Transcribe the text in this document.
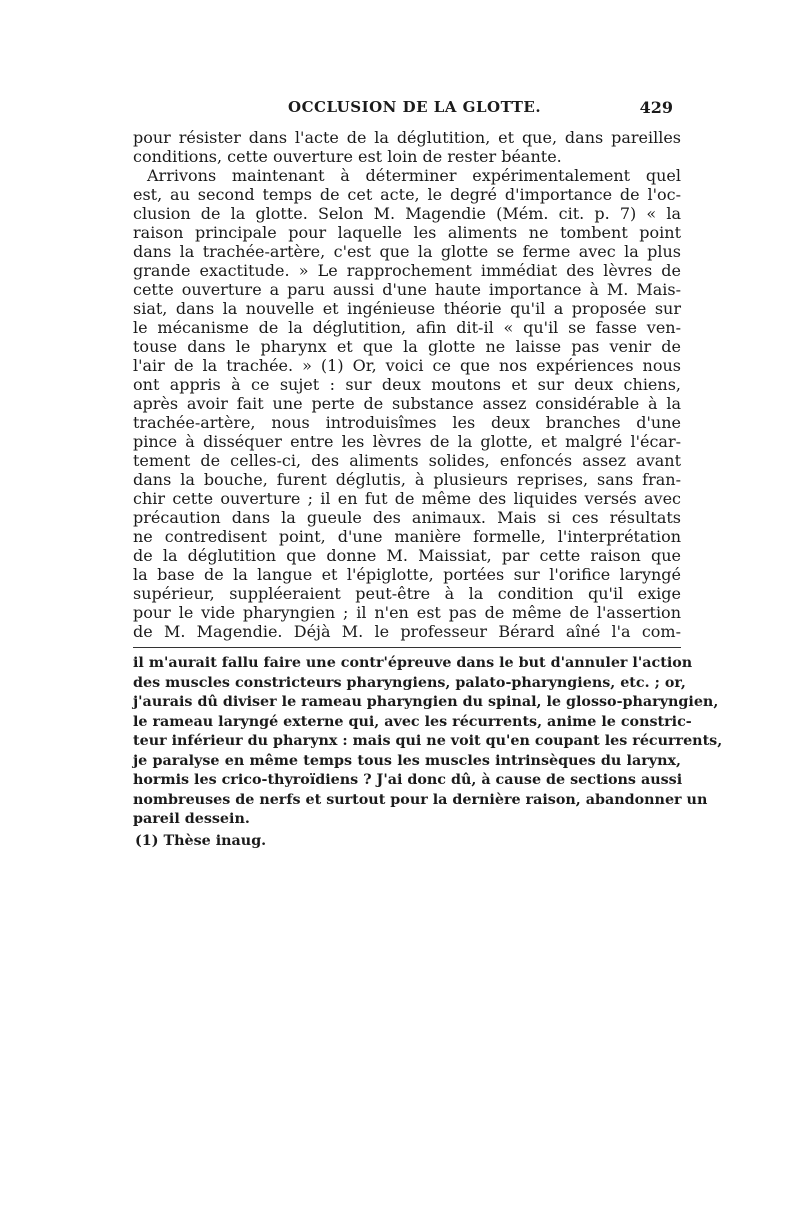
OCCLUSION DE LA GLOTTE.	429
pour résister dans l'acte de la déglutition, et que, dans pareilles
conditions, cette ouverture est loin de rester béante.
Arrivons maintenant à déterminer expérimentalement quel
est, au second temps de cet acte, le degré d'importance de l'oc-
clusion de la glotte. Selon M. Magendie (Mém. cit. p. 7) « la
raison principale pour laquelle les aliments ne tombent point
dans la trachée-artère, c'est que la glotte se ferme avec la plus
grande exactitude. » Le rapprochement immédiat des lèvres de
cette ouverture a paru aussi d'une haute importance à M. Mais-
siat, dans la nouvelle et ingénieuse théorie qu'il a proposée sur
le mécanisme de la déglutition, afin dit-il « qu'il se fasse ven-
touse dans le pharynx et que la glotte ne laisse pas venir de
l'air de la trachée. » (1) Or, voici ce que nos expériences nous
ont appris à ce sujet : sur deux moutons et sur deux chiens,
après avoir fait une perte de substance assez considérable à la
trachée-artère, nous introduisîmes les deux branches d'une
pince à disséquer entre les lèvres de la glotte, et malgré l'écar-
tement de celles-ci, des aliments solides, enfoncés assez avant
dans la bouche, furent déglutis, à plusieurs reprises, sans fran-
chir cette ouverture ; il en fut de même des liquides versés avec
précaution dans la gueule des animaux. Mais si ces résultats
ne contredisent point, d'une manière formelle, l'interprétation
de la déglutition que donne M. Maissiat, par cette raison que
la base de la langue et l'épiglotte, portées sur l'orifice laryngé
supérieur, suppléeraient peut-être à la condition qu'il exige
pour le vide pharyngien ; il n'en est pas de même de l'assertion
de M. Magendie. Déjà M. le professeur Bérard aîné l'a com-
il m'aurait fallu faire une contr'épreuve dans le but d'annuler l'action
des muscles constricteurs pharyngiens, palato-pharyngiens, etc. ; or,
j'aurais dû diviser le rameau pharyngien du spinal, le glosso-pharyngien,
le rameau laryngé externe qui, avec les récurrents, anime le constric-
teur inférieur du pharynx : mais qui ne voit qu'en coupant les récurrents,
je paralyse en même temps tous les muscles intrinsèques du larynx,
hormis les crico-thyroïdiens ? J'ai donc dû, à cause de sections aussi
nombreuses de nerfs et surtout pour la dernière raison, abandonner un
pareil dessein.
(1) Thèse inaug.
